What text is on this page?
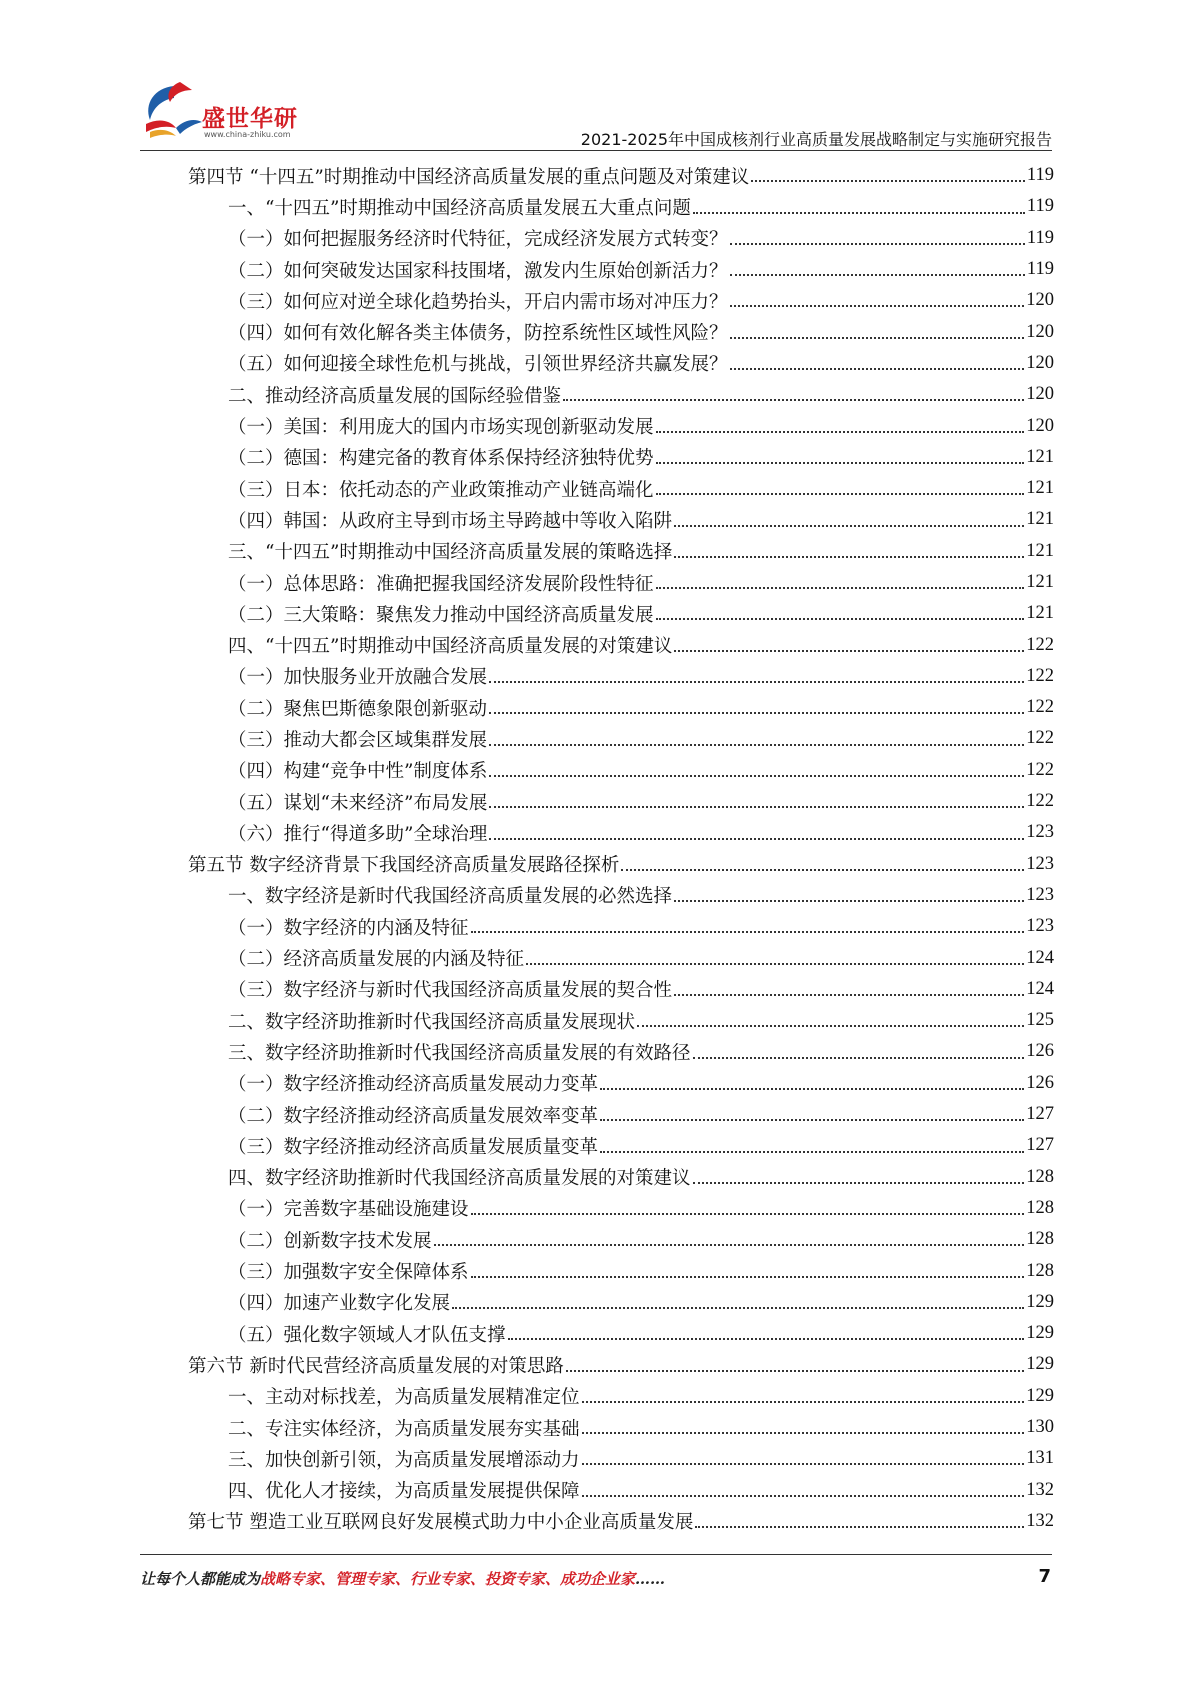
盛世华研
www.china-zhiku.com	2021-2025年中国成核剂行业高质量发展战略制定与实施研究报告
第四节 “十四五”时期推动中国经济高质量发展的重点问题及对策建议	119
一、“十四五”时期推动中国经济高质量发展五大重点问题	119
（一）如何把握服务经济时代特征，完成经济发展方式转变？	119
（二）如何突破发达国家科技围堵，激发内生原始创新活力？	119
（三）如何应对逆全球化趋势抬头，开启内需市场对冲压力？	120
（四）如何有效化解各类主体债务，防控系统性区域性风险？	120
（五）如何迎接全球性危机与挑战，引领世界经济共赢发展？	120
二、推动经济高质量发展的国际经验借鉴	120
（一）美国：利用庞大的国内市场实现创新驱动发展	120
（二）德国：构建完备的教育体系保持经济独特优势	121
（三）日本：依托动态的产业政策推动产业链高端化	121
（四）韩国：从政府主导到市场主导跨越中等收入陷阱	121
三、“十四五”时期推动中国经济高质量发展的策略选择	121
（一）总体思路：准确把握我国经济发展阶段性特征	121
（二）三大策略：聚焦发力推动中国经济高质量发展	121
四、“十四五”时期推动中国经济高质量发展的对策建议	122
（一）加快服务业开放融合发展	122
（二）聚焦巴斯德象限创新驱动	122
（三）推动大都会区域集群发展	122
（四）构建“竞争中性”制度体系	122
（五）谋划“未来经济”布局发展	122
（六）推行“得道多助”全球治理	123
第五节 数字经济背景下我国经济高质量发展路径探析	123
一、数字经济是新时代我国经济高质量发展的必然选择	123
（一）数字经济的内涵及特征	123
（二）经济高质量发展的内涵及特征	124
（三）数字经济与新时代我国经济高质量发展的契合性	124
二、数字经济助推新时代我国经济高质量发展现状	125
三、数字经济助推新时代我国经济高质量发展的有效路径	126
（一）数字经济推动经济高质量发展动力变革	126
（二）数字经济推动经济高质量发展效率变革	127
（三）数字经济推动经济高质量发展质量变革	127
四、数字经济助推新时代我国经济高质量发展的对策建议	128
（一）完善数字基础设施建设	128
（二）创新数字技术发展	128
（三）加强数字安全保障体系	128
（四）加速产业数字化发展	129
（五）强化数字领域人才队伍支撑	129
第六节 新时代民营经济高质量发展的对策思路	129
一、主动对标找差，为高质量发展精准定位	129
二、专注实体经济，为高质量发展夯实基础	130
三、加快创新引领，为高质量发展增添动力	131
四、优化人才接续，为高质量发展提供保障	132
第七节 塑造工业互联网良好发展模式助力中小企业高质量发展	132
让每个人都能成为战略专家、管理专家、行业专家、投资专家、成功企业家……	7
